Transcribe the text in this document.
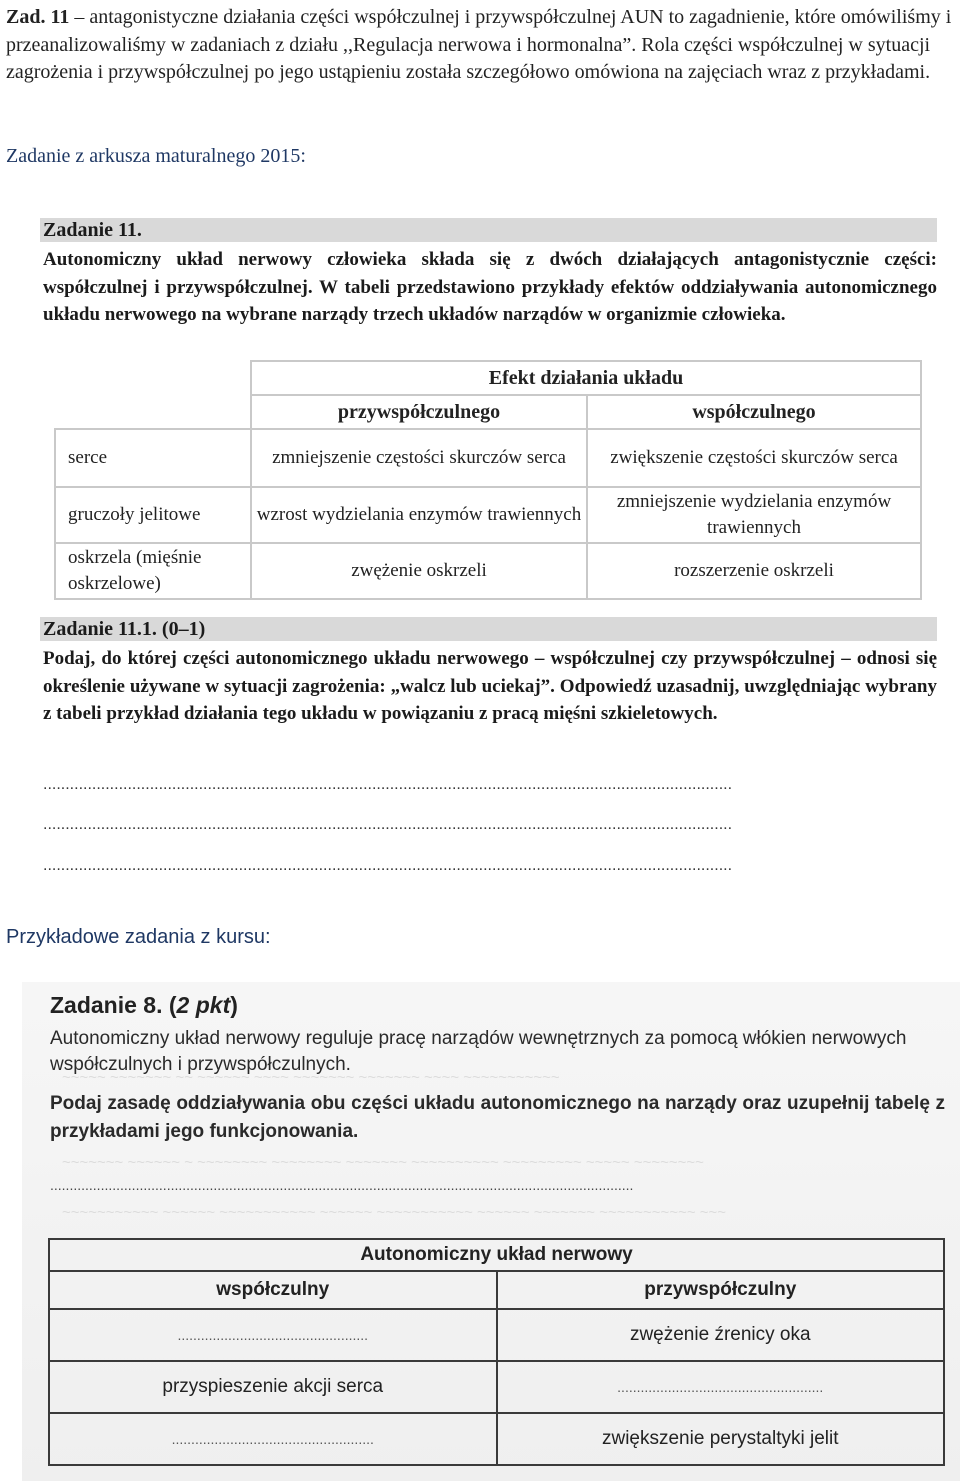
Zad. 11 – antagonistyczne działania części współczulnej i przywspółczulnej AUN to zagadnienie, które omówiliśmy i przeanalizowaliśmy w zadaniach z działu ,,Regulacja nerwowa i hormonalna”. Rola części współczulnej w sytuacji zagrożenia i przywspółczulnej po jego ustąpieniu została szczegółowo omówiona na zajęciach wraz z przykładami.

Zadanie z arkusza maturalnego 2015:
Zadanie 11.
Autonomiczny układ nerwowy człowieka składa się z dwóch działających antagonistycznie części: współczulnej i przywspółczulnej. W tabeli przedstawiono przykłady efektów oddziaływania autonomicznego układu nerwowego na wybrane narządy trzech układów narządów w organizmie człowieka.
	Efekt działania układu	
	przywspółczulnego	współczulnego
serce	zmniejszenie częstości skurczów serca	zwiększenie częstości skurczów serca
gruczoły jelitowe	wzrost wydzielania enzymów trawiennych	zmniejszenie wydzielania enzymów trawiennych
oskrzela (mięśnie oskrzelowe)	zwężenie oskrzeli	rozszerzenie oskrzeli
Zadanie 11.1. (0–1)
Podaj, do której części autonomicznego układu nerwowego – współczulnej czy przywspółczulnej – odnosi się określenie używane w sytuacji zagrożenia: „walcz lub uciekaj”. Odpowiedź uzasadnij, uwzględniając wybrany z tabeli przykład działania tego układu w powiązaniu z pracą mięśni szkieletowych.
...........................................................................................................................................................
...........................................................................................................................................................
...........................................................................................................................................................
Przykładowe zadania z kursu:
~~~~~ ~~~~~~~ ~~ ~~~~~~ ~~~~ ~~~~~~~ ~~~~~~~ ~~~~ ~~~~~~~~~~~
~~~~~~~ ~~~~~~ ~ ~~~~~~~~ ~~~~~~~~ ~~~~~~~ ~~~~~~~~~~ ~~~~~~~~~ ~~~~~ ~~~~~~~~
~~~~~~~~~~~ ~~~~~~ ~~~~~~~~~~~ ~~~~~~ ~~~~~~~~~~~ ~~~~~~ ~~~~~~~ ~~~~~~~~~~~ ~~~
Zadanie 8. (2 pkt)
Autonomiczny układ nerwowy reguluje pracę narządów wewnętrznych za pomocą włókien nerwowych współczulnych i przywspółczulnych.
Podaj zasadę oddziaływania obu części układu autonomicznego na narządy oraz uzupełnij tabelę z przykładami jego funkcjonowania.
......................................................................................................................................................
Autonomiczny układ nerwowy	
współczulny	przywspółczulny
.................................................	zwężenie źrenicy oka
przyspieszenie akcji serca	.....................................................
....................................................	zwiększenie perystaltyki jelit
